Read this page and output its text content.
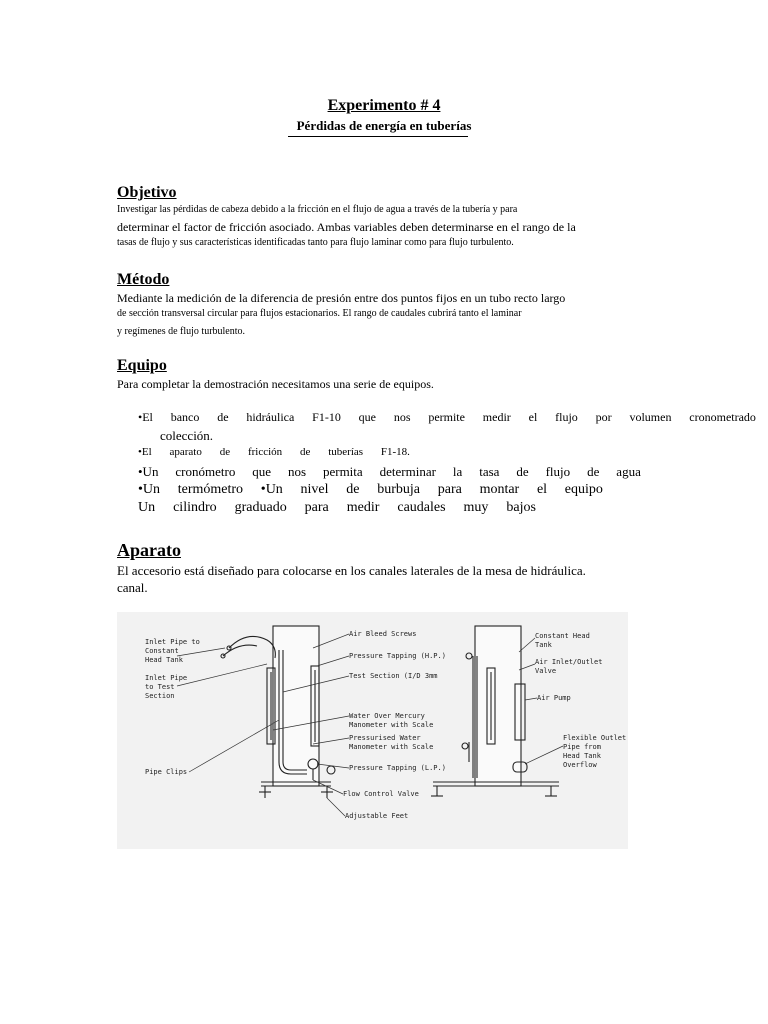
Experimento # 4
Pérdidas de energía en tuberías
Objetivo
Investigar las pérdidas de cabeza debido a la fricción en el flujo de agua a través de la tubería y para
determinar el factor de fricción asociado. Ambas variables deben determinarse en el rango de la
tasas de flujo y sus características identificadas tanto para flujo laminar como para flujo turbulento.
Método
Mediante la medición de la diferencia de presión entre dos puntos fijos en un tubo recto largo
de sección transversal circular para flujos estacionarios. El rango de caudales cubrirá tanto el laminar
y regímenes de flujo turbulento.
Equipo
Para completar la demostración necesitamos una serie de equipos.
•El banco de hidráulica F1-10 que nos permite medir el flujo por volumen cronometrado
colección.
•El aparato de fricción de tuberías F1-18.
•Un cronómetro que nos permita determinar la tasa de flujo de agua
•Un termómetro •Un nivel de burbuja para montar el equipo
Un cilindro graduado para medir caudales muy bajos
Aparato
El accesorio está diseñado para colocarse en los canales laterales de la mesa de hidráulica.
canal.
Inlet Pipe to
Constant
Head Tank
Inlet Pipe
to Test
Section
Pipe Clips
Air Bleed Screws
Pressure Tapping (H.P.)
Test Section (I/D 3mm
Water Over Mercury
Manometer with Scale
Pressurised Water
Manometer with Scale
Pressure Tapping (L.P.)
Flow Control Valve
Adjustable Feet
Constant Head
Tank
Air Inlet/Outlet
Valve
Air Pump
Flexible Outlet
Pipe from
Head Tank
Overflow
